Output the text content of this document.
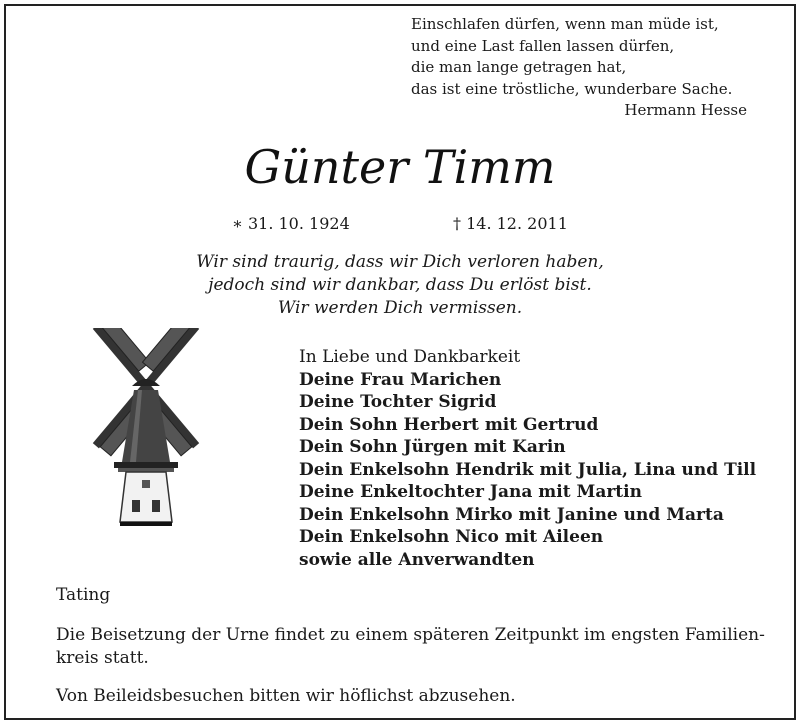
Einschlafen dürfen, wenn man müde ist,
und eine Last fallen lassen dürfen,
die man lange getragen hat,
das ist eine tröstliche, wunderbare Sache.
Hermann Hesse
Günter Timm
∗ 31. 10. 1924	† 14. 12. 2011
Wir sind traurig, dass wir Dich verloren haben,
jedoch sind wir dankbar, dass Du erlöst bist.
Wir werden Dich vermissen.
In Liebe und Dankbarkeit
Deine Frau Marichen
Deine Tochter Sigrid
Dein Sohn Herbert mit Gertrud
Dein Sohn Jürgen mit Karin
Dein Enkelsohn Hendrik mit Julia, Lina und Till
Deine Enkeltochter Jana mit Martin
Dein Enkelsohn Mirko mit Janine und Marta
Dein Enkelsohn Nico mit Aileen
sowie alle Anverwandten
Tating
Die Beisetzung der Urne findet zu einem späteren Zeitpunkt im engsten Familien-
kreis statt.
Von Beileidsbesuchen bitten wir höflichst abzusehen.
